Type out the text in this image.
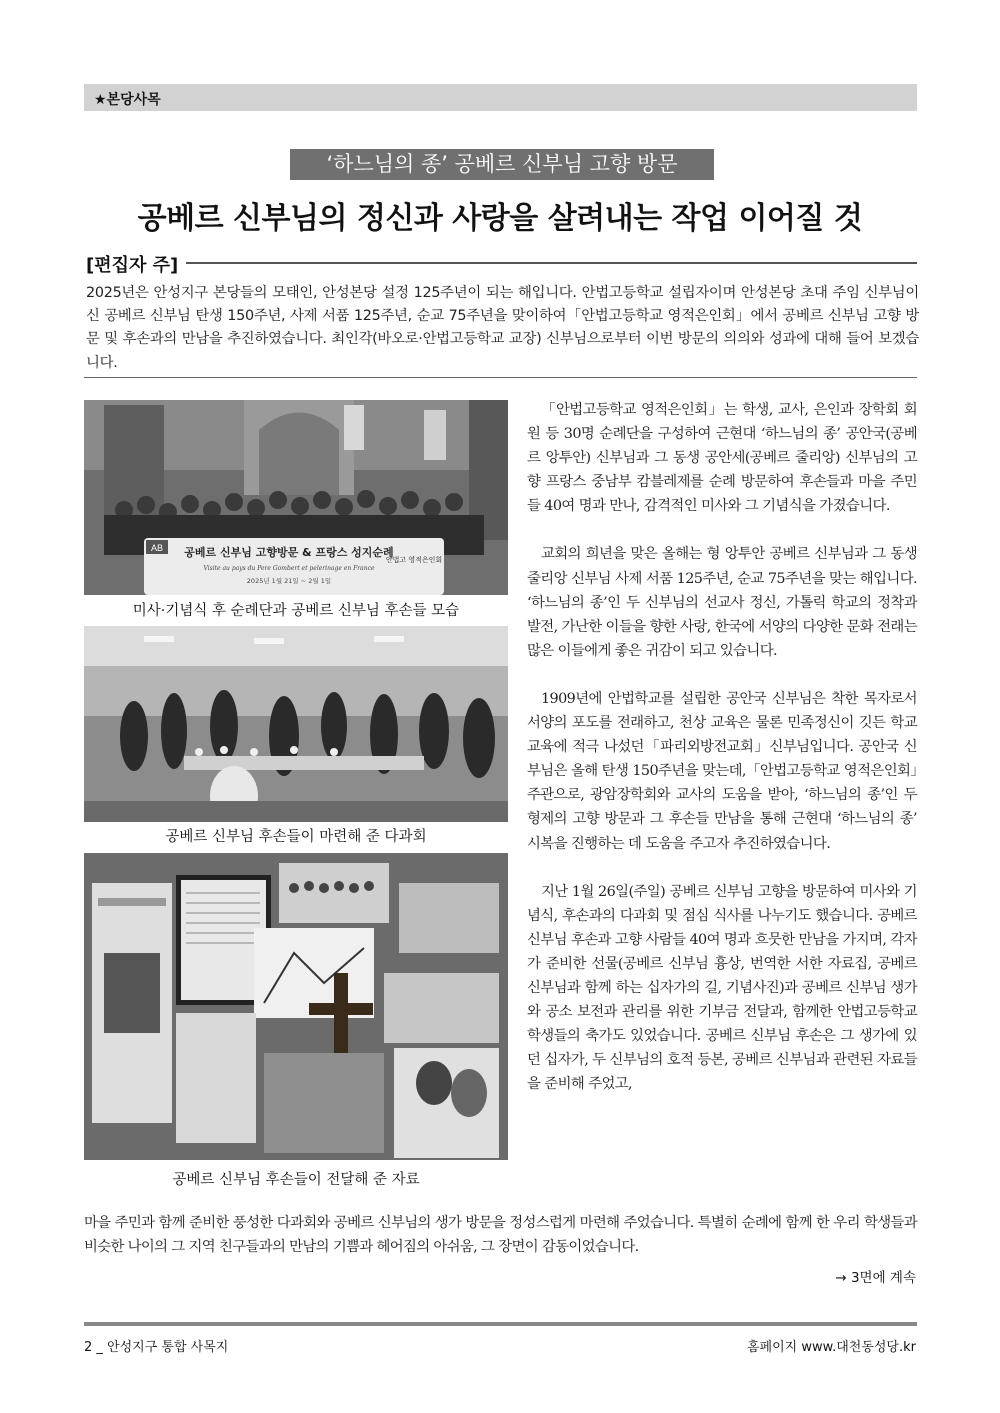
★본당사목
‘하느님의 종’ 공베르 신부님 고향 방문
공베르 신부님의 정신과 사랑을 살려내는 작업 이어질 것
[편집자 주]
2025년은 안성지구 본당들의 모태인, 안성본당 설정 125주년이 되는 해입니다. 안법고등학교 설립자이며 안성본당 초대 주임 신부님이신 공베르 신부님 탄생 150주년, 사제 서품 125주년, 순교 75주년을 맞이하여「안법고등학교 영적은인회」에서 공베르 신부님 고향 방문 및 후손과의 만남을 추진하였습니다. 최인각(바오로·안법고등학교 교장) 신부님으로부터 이번 방문의 의의와 성과에 대해 들어 보겠습니다.
AB 공베르 신부님 고향방문 & 프랑스 성지순례
Visite au pays du Pere Gombert et pelerinage en France
2025년 1월 21일 ~ 2월 1일
안법고 영적은인회
미사·기념식 후 순례단과 공베르 신부님 후손들 모습
공베르 신부님 후손들이 마련해 준 다과회
공베르 신부님 후손들이 전달해 준 자료

「안법고등학교 영적은인회」는 학생, 교사, 은인과 장학회 회원 등 30명 순례단을 구성하여 근현대 ‘하느님의 종’ 공안국(공베르 앙투안) 신부님과 그 동생 공안세(공베르 줄리앙) 신부님의 고향 프랑스 중남부 캄블레제를 순례 방문하여 후손들과 마을 주민들 40여 명과 만나, 감격적인 미사와 그 기념식을 가졌습니다.

교회의 희년을 맞은 올해는 형 앙투안 공베르 신부님과 그 동생 줄리앙 신부님 사제 서품 125주년, 순교 75주년을 맞는 해입니다. ‘하느님의 종’인 두 신부님의 선교사 정신, 가톨릭 학교의 정착과 발전, 가난한 이들을 향한 사랑, 한국에 서양의 다양한 문화 전래는 많은 이들에게 좋은 귀감이 되고 있습니다.

1909년에 안법학교를 설립한 공안국 신부님은 착한 목자로서 서양의 포도를 전래하고, 천상 교육은 물론 민족정신이 깃든 학교 교육에 적극 나섰던「파리외방전교회」신부님입니다. 공안국 신부님은 올해 탄생 150주년을 맞는데,「안법고등학교 영적은인회」주관으로, 광암장학회와 교사의 도움을 받아, ‘하느님의 종’인 두 형제의 고향 방문과 그 후손들 만남을 통해 근현대 ‘하느님의 종’ 시복을 진행하는 데 도움을 주고자 추진하였습니다.

지난 1월 26일(주일) 공베르 신부님 고향을 방문하여 미사와 기념식, 후손과의 다과회 및 점심 식사를 나누기도 했습니다. 공베르 신부님 후손과 고향 사람들 40여 명과 흐뭇한 만남을 가지며, 각자가 준비한 선물(공베르 신부님 흉상, 번역한 서한 자료집, 공베르 신부님과 함께 하는 십자가의 길, 기념사진)과 공베르 신부님 생가와 공소 보전과 관리를 위한 기부금 전달과, 함께한 안법고등학교 학생들의 축가도 있었습니다. 공베르 신부님 후손은 그 생가에 있던 십자가, 두 신부님의 호적 등본, 공베르 신부님과 관련된 자료들을 준비해 주었고,

마을 주민과 함께 준비한 풍성한 다과회와 공베르 신부님의 생가 방문을 정성스럽게 마련해 주었습니다. 특별히 순례에 함께 한 우리 학생들과 비슷한 나이의 그 지역 친구들과의 만남의 기쁨과 헤어짐의 아쉬움, 그 장면이 감동이었습니다.
→ 3면에 계속
2 _ 안성지구 통합 사목지	홈페이지 www.대천동성당.kr
